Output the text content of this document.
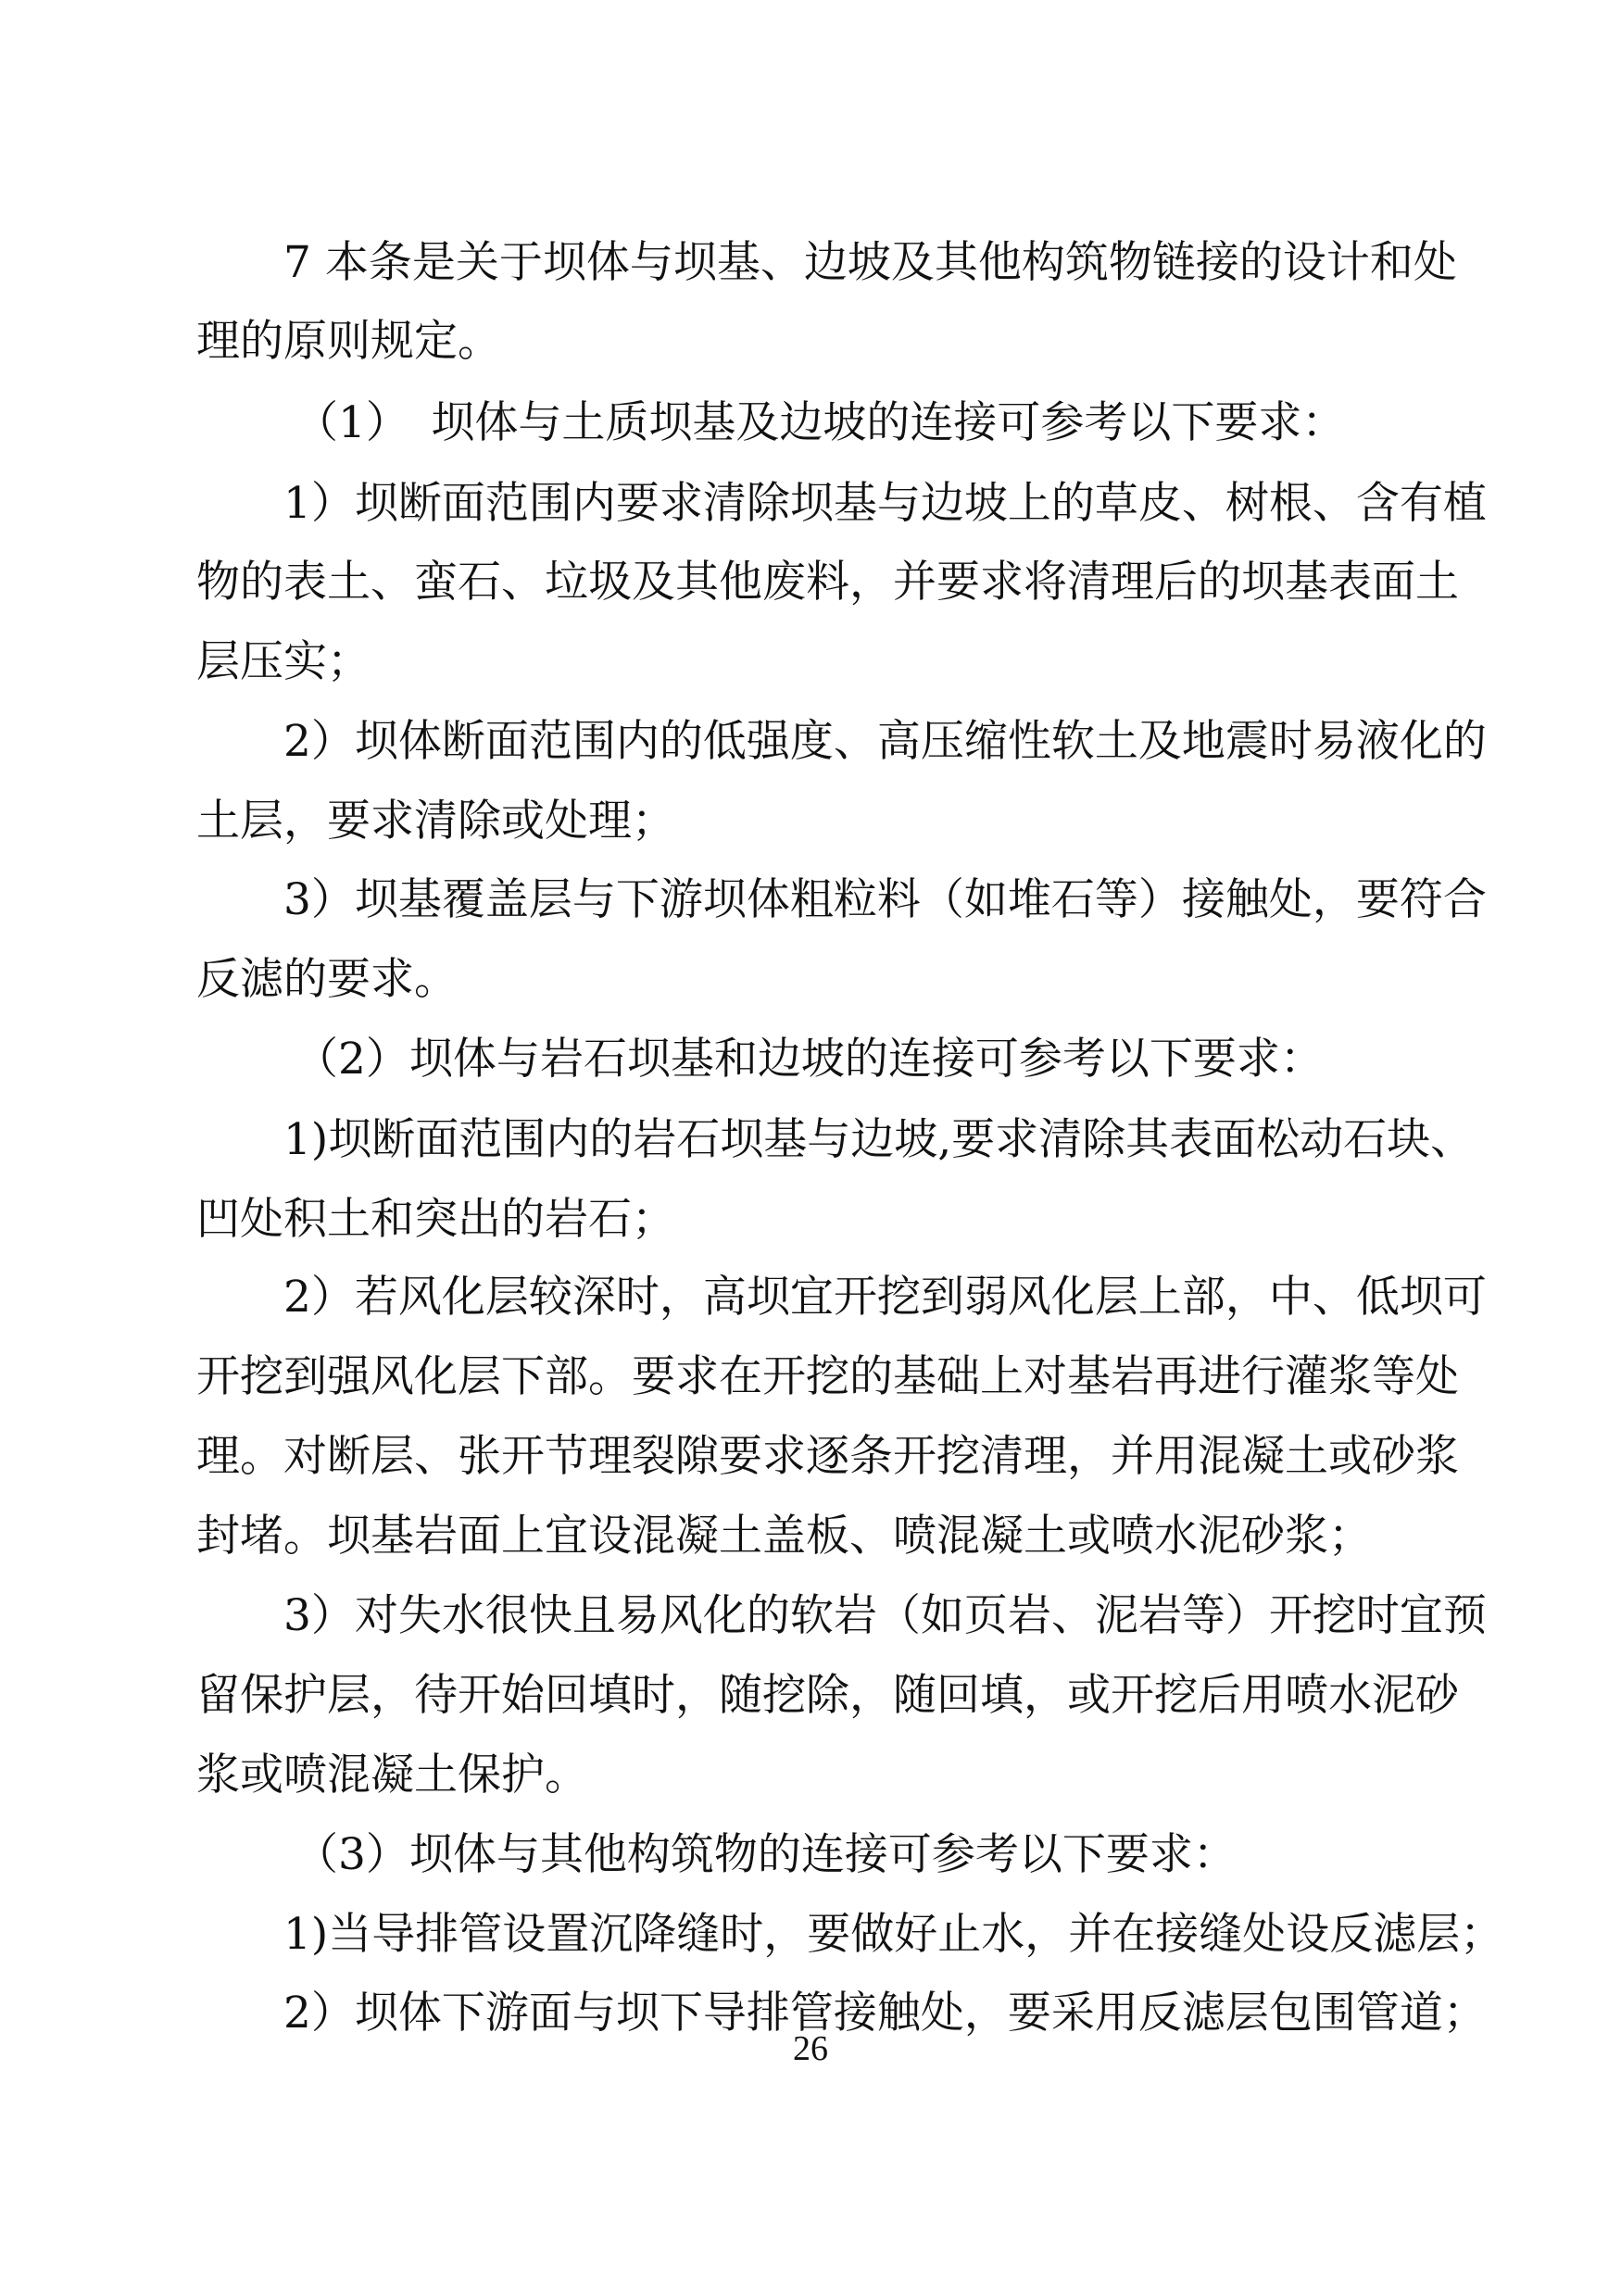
7 本条是关于坝体与坝基、边坡及其他构筑物链接的设计和处
理的原则规定。
（1）　坝体与土质坝基及边坡的连接可参考以下要求：
1）坝断面范围内要求清除坝基与边坡上的草皮、树根、含有植
物的表土、蛮石、垃圾及其他废料，并要求将清理后的坝基表面土
层压实；
2）坝体断面范围内的低强度、高压缩性软土及地震时易液化的
土层，要求清除或处理；
3）坝基覆盖层与下游坝体粗粒料（如堆石等）接触处，要符合
反滤的要求。
（2）坝体与岩石坝基和边坡的连接可参考以下要求：
1)坝断面范围内的岩石坝基与边坡,要求清除其表面松动石块、
凹处积土和突出的岩石；
2）若风化层较深时，高坝宜开挖到弱风化层上部，中、低坝可
开挖到强风化层下部。要求在开挖的基础上对基岩再进行灌浆等处
理。对断层、张开节理裂隙要求逐条开挖清理，并用混凝土或砂浆
封堵。坝基岩面上宜设混凝土盖板、喷混凝土或喷水泥砂浆；
3）对失水很快且易风化的软岩（如页岩、泥岩等）开挖时宜预
留保护层，待开始回填时，随挖除，随回填，或开挖后用喷水泥砂
浆或喷混凝土保护。
（3）坝体与其他构筑物的连接可参考以下要求：
1)当导排管设置沉降缝时，要做好止水，并在接缝处设反滤层；
2）坝体下游面与坝下导排管接触处，要采用反滤层包围管道；
26
